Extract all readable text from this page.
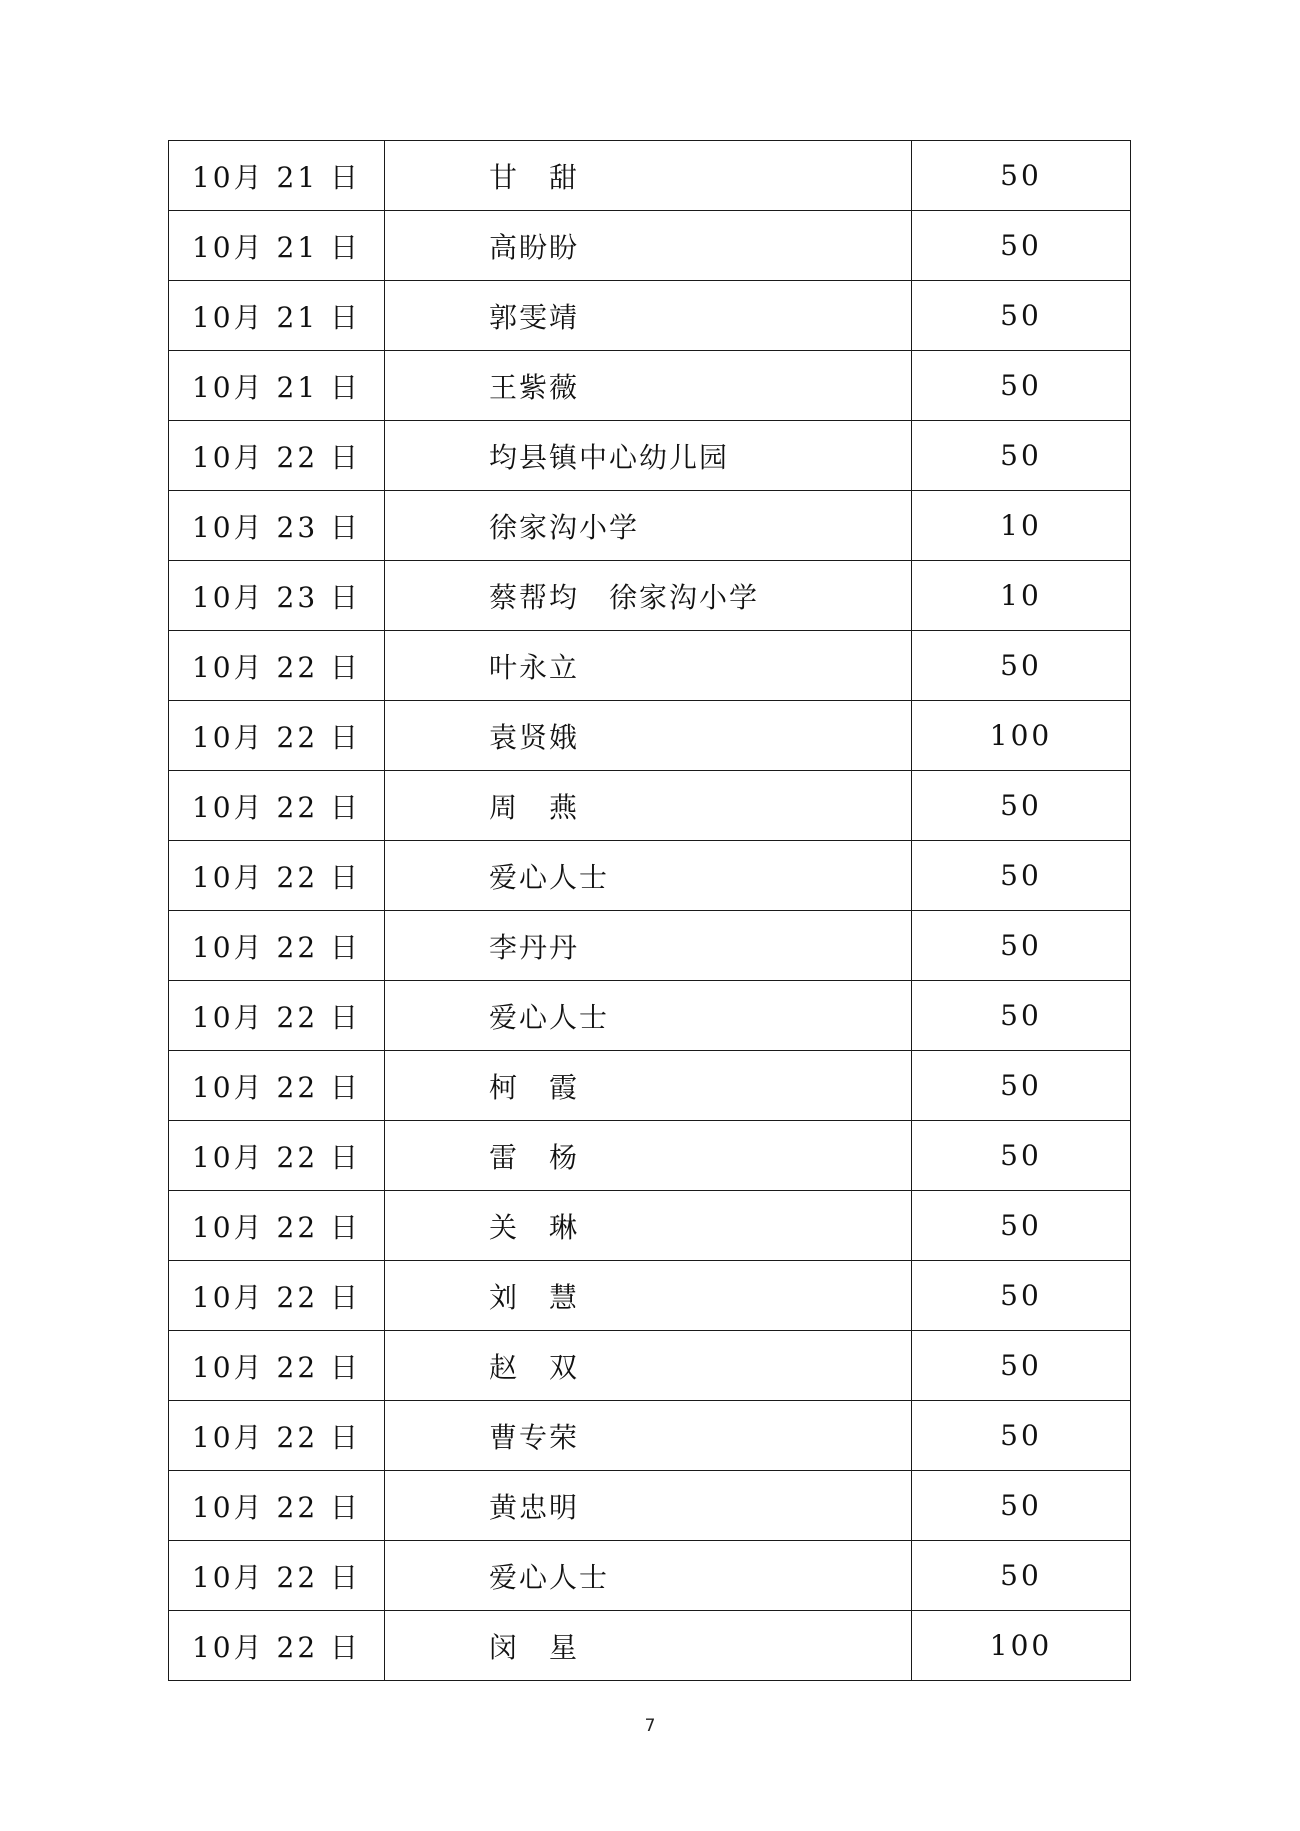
10月 21 日	甘　甜	50
10月 21 日	高盼盼	50
10月 21 日	郭雯靖	50
10月 21 日	王紫薇	50
10月 22 日	均县镇中心幼儿园	50
10月 23 日	徐家沟小学	10
10月 23 日	蔡帮均　徐家沟小学	10
10月 22 日	叶永立	50
10月 22 日	袁贤娥	100
10月 22 日	周　燕	50
10月 22 日	爱心人士	50
10月 22 日	李丹丹	50
10月 22 日	爱心人士	50
10月 22 日	柯　霞	50
10月 22 日	雷　杨	50
10月 22 日	关　琳	50
10月 22 日	刘　慧	50
10月 22 日	赵　双	50
10月 22 日	曹专荣	50
10月 22 日	黄忠明	50
10月 22 日	爱心人士	50
10月 22 日	闵　星	100
7
